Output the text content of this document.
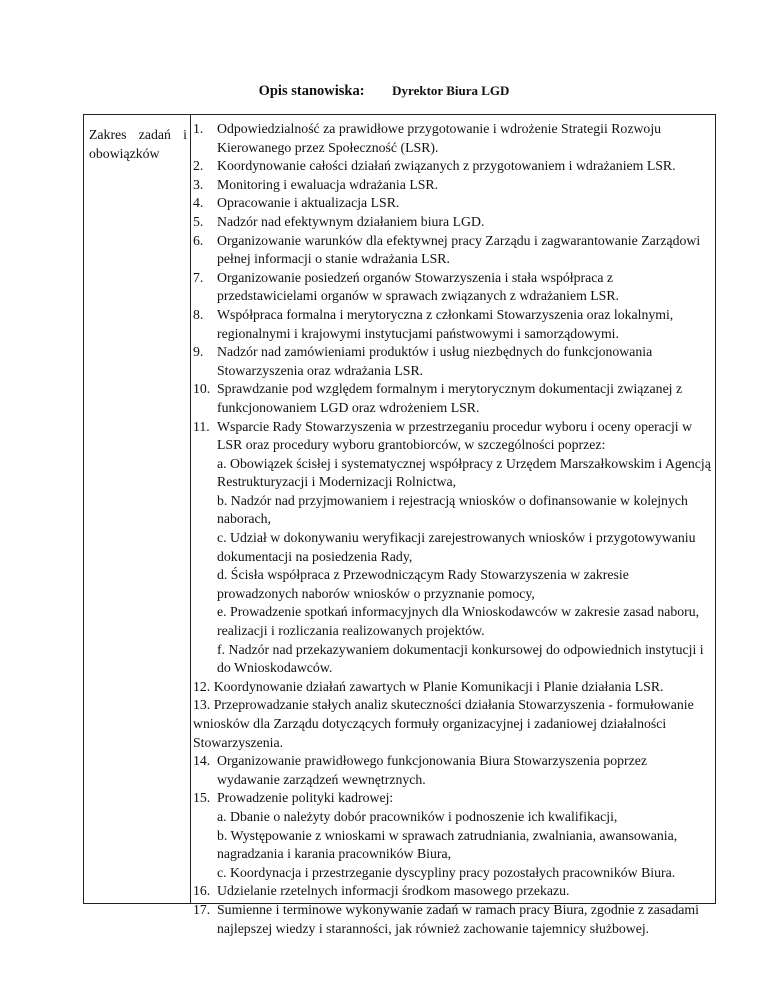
Opis stanowiska: Dyrektor Biura LGD
Zakres zadań i obowiązków
1. Odpowiedzialność za prawidłowe przygotowanie i wdrożenie Strategii Rozwoju Kierowanego przez Społeczność (LSR).
2. Koordynowanie całości działań związanych z przygotowaniem i wdrażaniem LSR.
3. Monitoring i ewaluacja wdrażania LSR.
4. Opracowanie i aktualizacja LSR.
5. Nadzór nad efektywnym działaniem biura LGD.
6. Organizowanie warunków dla efektywnej pracy Zarządu i zagwarantowanie Zarządowi pełnej informacji o stanie wdrażania LSR.
7. Organizowanie posiedzeń organów Stowarzyszenia i stała współpraca z przedstawicielami organów w sprawach związanych z wdrażaniem LSR.
8. Współpraca formalna i merytoryczna z członkami Stowarzyszenia oraz lokalnymi, regionalnymi i krajowymi instytucjami państwowymi i samorządowymi.
9. Nadzór nad zamówieniami produktów i usług niezbędnych do funkcjonowania Stowarzyszenia oraz wdrażania LSR.
10. Sprawdzanie pod względem formalnym i merytorycznym dokumentacji związanej z funkcjonowaniem LGD oraz wdrożeniem LSR.
11. Wsparcie Rady Stowarzyszenia w przestrzeganiu procedur wyboru i oceny operacji w LSR oraz procedury wyboru grantobiorców, w szczególności poprzez:
a. Obowiązek ścisłej i systematycznej współpracy z Urzędem Marszałkowskim i Agencją Restrukturyzacji i Modernizacji Rolnictwa,
b. Nadzór nad przyjmowaniem i rejestracją wniosków o dofinansowanie w kolejnych naborach,
c. Udział w dokonywaniu weryfikacji zarejestrowanych wniosków i przygotowywaniu dokumentacji na posiedzenia Rady,
d. Ścisła współpraca z Przewodniczącym Rady Stowarzyszenia w zakresie prowadzonych naborów wniosków o przyznanie pomocy,
e. Prowadzenie spotkań informacyjnych dla Wnioskodawców w zakresie zasad naboru, realizacji i rozliczania realizowanych projektów.
f. Nadzór nad przekazywaniem dokumentacji konkursowej do odpowiednich instytucji i do Wnioskodawców.
12. Koordynowanie działań zawartych w Planie Komunikacji i Planie działania LSR.
13. Przeprowadzanie stałych analiz skuteczności działania Stowarzyszenia - formułowanie wniosków dla Zarządu dotyczących formuły organizacyjnej i zadaniowej działalności Stowarzyszenia.
14. Organizowanie prawidłowego funkcjonowania Biura Stowarzyszenia poprzez wydawanie zarządzeń wewnętrznych.
15. Prowadzenie polityki kadrowej:
a. Dbanie o należyty dobór pracowników i podnoszenie ich kwalifikacji,
b. Występowanie z wnioskami w sprawach zatrudniania, zwalniania, awansowania, nagradzania i karania pracowników Biura,
c. Koordynacja i przestrzeganie dyscypliny pracy pozostałych pracowników Biura.
16. Udzielanie rzetelnych informacji środkom masowego przekazu.
17. Sumienne i terminowe wykonywanie zadań w ramach pracy Biura, zgodnie z zasadami najlepszej wiedzy i staranności, jak również zachowanie tajemnicy służbowej.
